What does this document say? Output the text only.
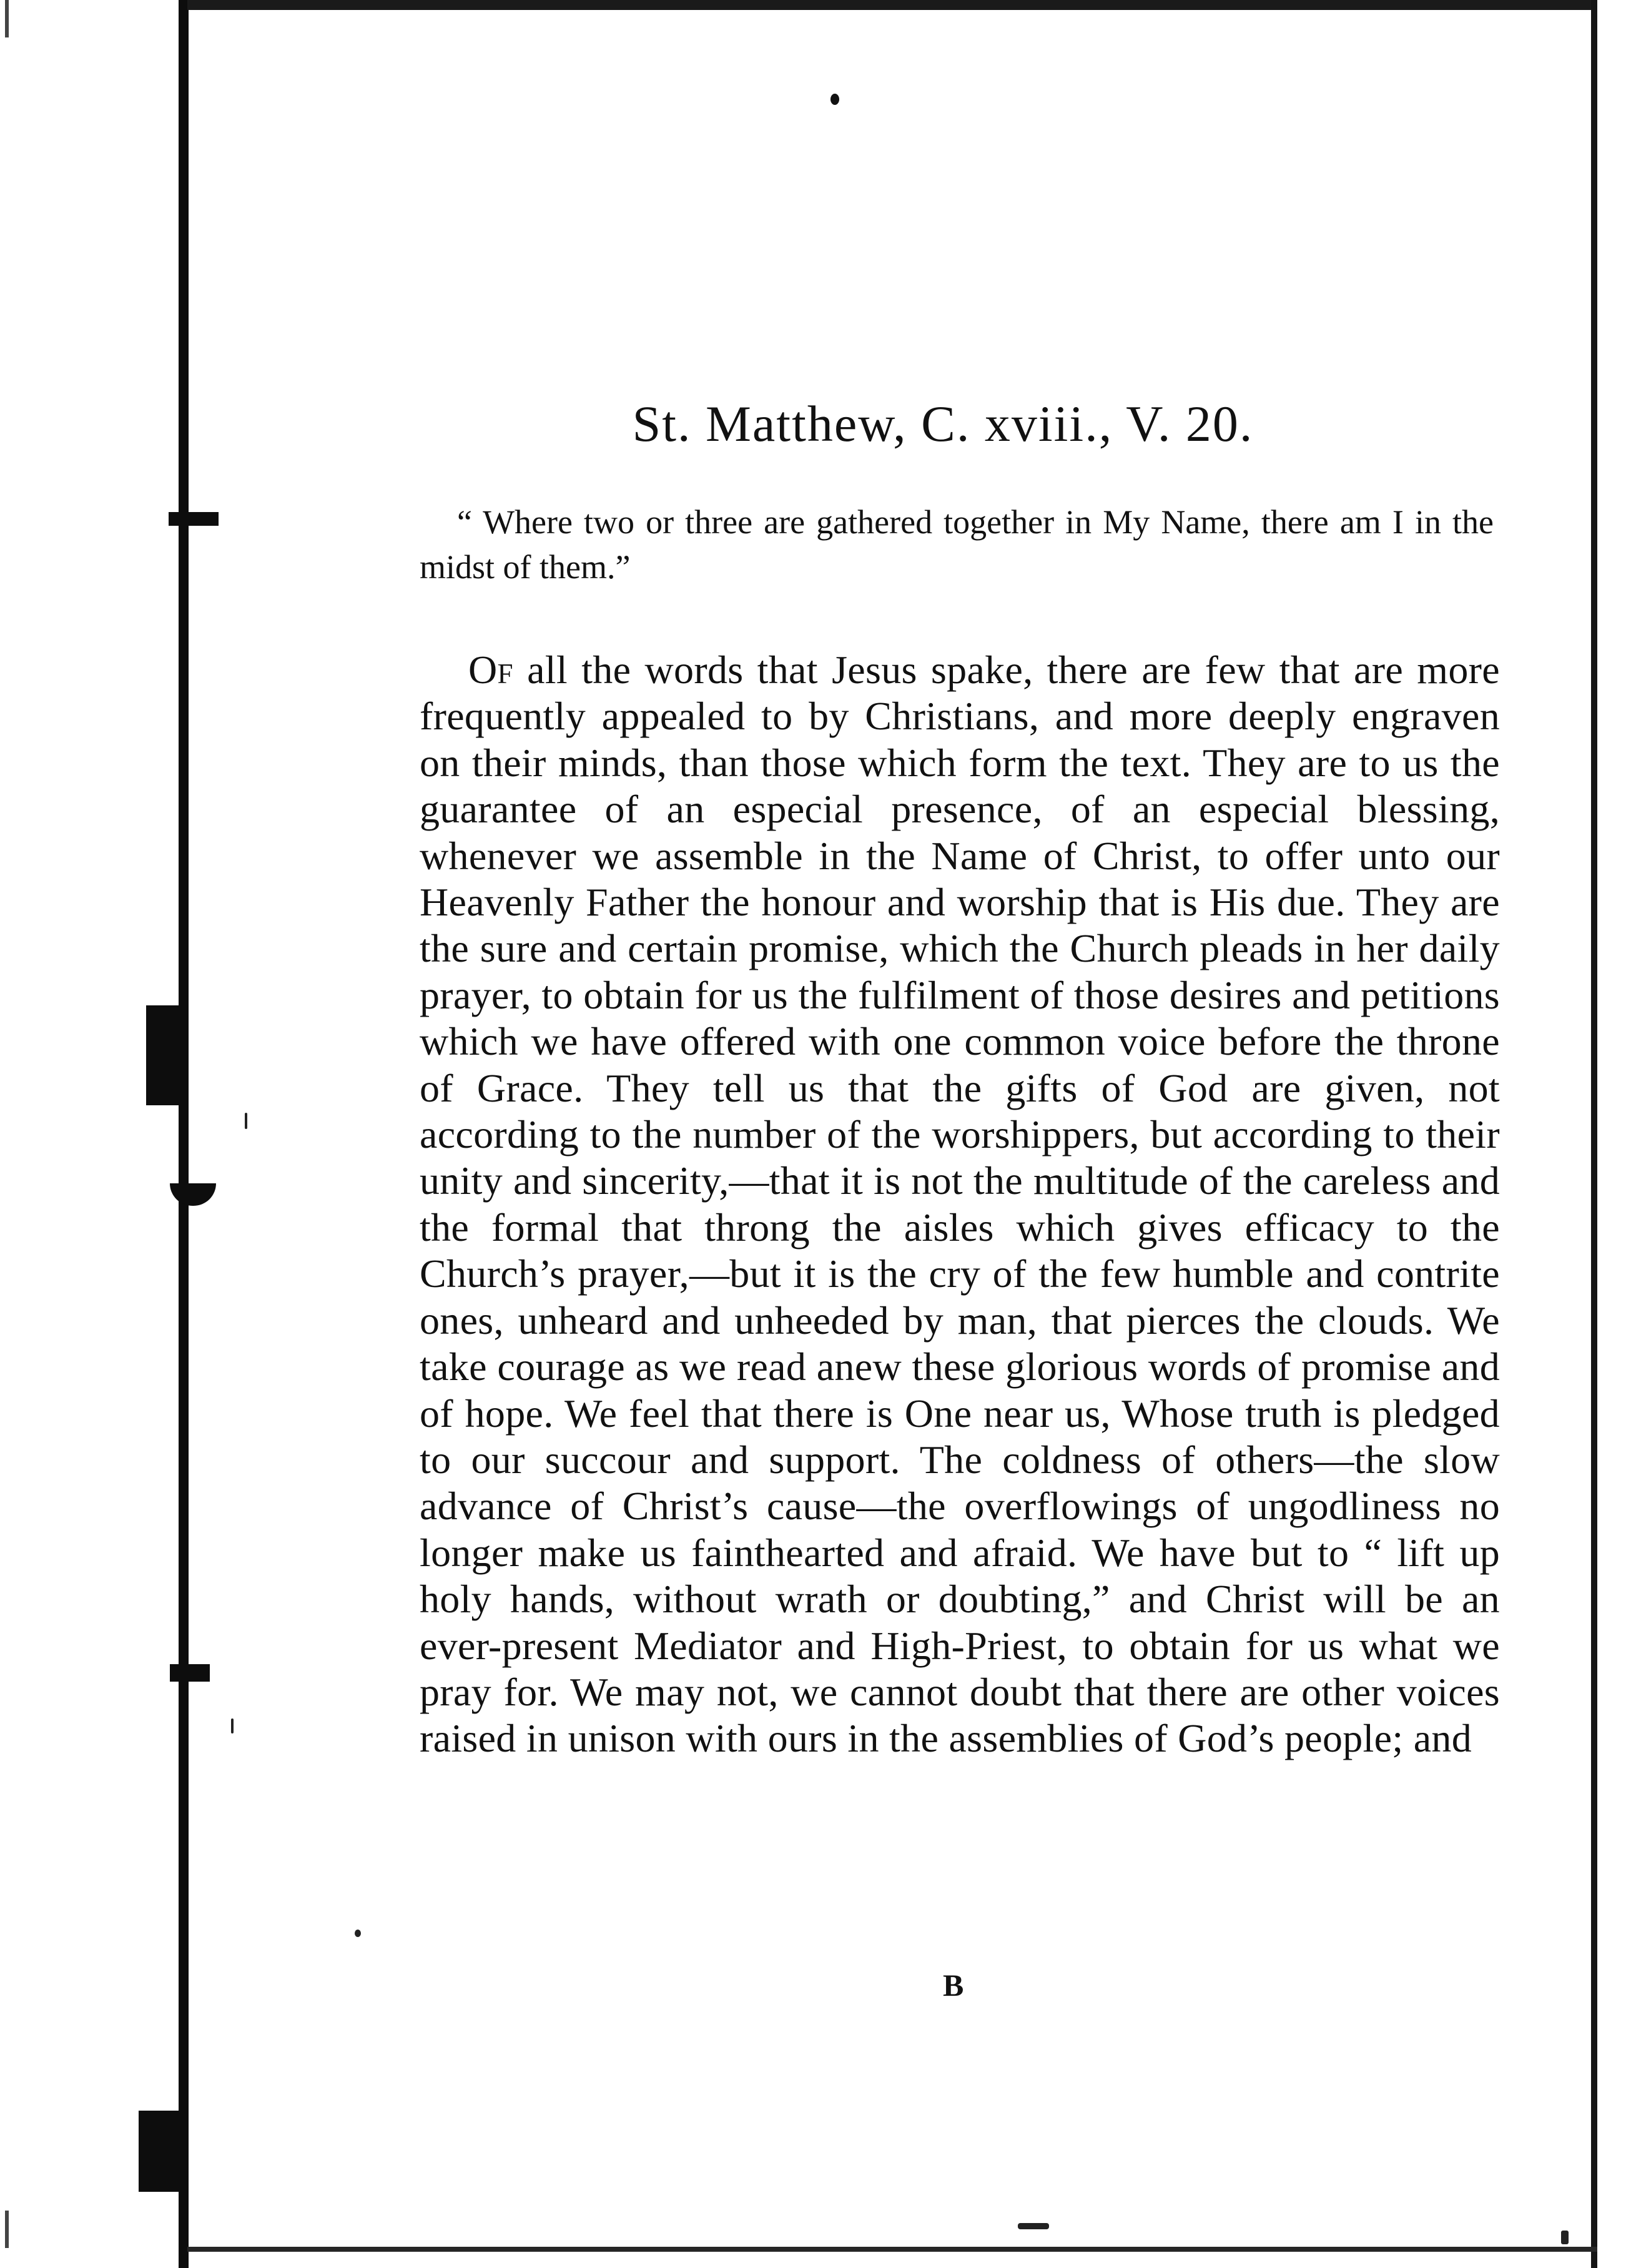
St. Matthew, C. xviii., V. 20.
“ Where two or three are gathered together in My Name, there am I in the midst of them.”
Of all the words that Jesus spake, there are few that are more frequently appealed to by Christians, and more deeply engraven on their minds, than those which form the text. They are to us the guarantee of an especial presence, of an especial blessing, whenever we assemble in the Name of Christ, to offer unto our Heavenly Father the honour and worship that is His due. They are the sure and certain promise, which the Church pleads in her daily prayer, to obtain for us the fulfilment of those desires and petitions which we have offered with one common voice before the throne of Grace. They tell us that the gifts of God are given, not according to the number of the worshippers, but according to their unity and sincerity,—that it is not the multitude of the careless and the formal that throng the aisles which gives efficacy to the Church’s prayer,—but it is the cry of the few humble and contrite ones, unheard and unheeded by man, that pierces the clouds. We take courage as we read anew these glorious words of promise and of hope. We feel that there is One near us, Whose truth is pledged to our succour and support. The coldness of others—the slow advance of Christ’s cause—the overflowings of ungodliness no longer make us fainthearted and afraid. We have but to “ lift up holy hands, without wrath or doubting,” and Christ will be an ever-present Mediator and High-Priest, to obtain for us what we pray for. We may not, we cannot doubt that there are other voices raised in unison with ours in the assemblies of God’s people; and
B
